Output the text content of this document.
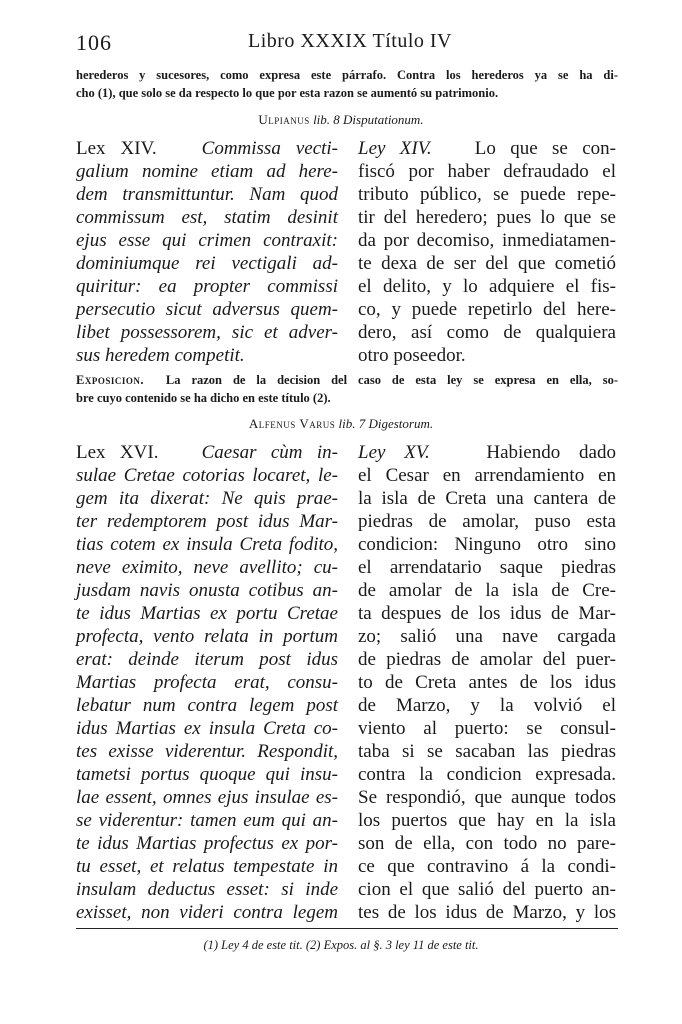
106	Libro XXXIX Título IV
herederos y sucesores, como expresa este párrafo. Contra los herederos ya se ha di-
cho (1), que solo se da respecto lo que por esta razon se aumentó su patrimonio.
Ulpianus lib. 8 Disputationum.
Lex XIV. Commissa vecti-
galium nomine etiam ad here-
dem transmittuntur. Nam quod
commissum est, statim desinit
ejus esse qui crimen contraxit:
dominiumque rei vectigali ad-
quiritur: ea propter commissi
persecutio sicut adversus quem-
libet possessorem, sic et adver-
sus heredem competit.
Ley XIV. Lo que se con-
fiscó por haber defraudado el
tributo público, se puede repe-
tir del heredero; pues lo que se
da por decomiso, inmediatamen-
te dexa de ser del que cometió
el delito, y lo adquiere el fis-
co, y puede repetirlo del here-
dero, así como de qualquiera
otro poseedor.
Exposicion. La razon de la decision del caso de esta ley se expresa en ella, so-
bre cuyo contenido se ha dicho en este título (2).
Alfenus Varus lib. 7 Digestorum.
Lex XVI. Caesar cùm in-
sulae Cretae cotorias locaret, le-
gem ita dixerat: Ne quis prae-
ter redemptorem post idus Mar-
tias cotem ex insula Creta fodito,
neve eximito, neve avellito; cu-
jusdam navis onusta cotibus an-
te idus Martias ex portu Cretae
profecta, vento relata in portum
erat: deinde iterum post idus
Martias profecta erat, consu-
lebatur num contra legem post
idus Martias ex insula Creta co-
tes exisse viderentur. Respondit,
tametsi portus quoque qui insu-
lae essent, omnes ejus insulae es-
se viderentur: tamen eum qui an-
te idus Martias profectus ex por-
tu esset, et relatus tempestate in
insulam deductus esset: si inde
exisset, non videri contra legem
Ley XV.	Habiendo dado
el Cesar en arrendamiento en
la isla de Creta una cantera de
piedras de amolar, puso esta
condicion: Ninguno otro sino
el arrendatario saque piedras
de amolar de la isla de Cre-
ta despues de los idus de Mar-
zo; salió una nave cargada
de piedras de amolar del puer-
to de Creta antes de los idus
de Marzo, y la volvió el
viento al puerto: se consul-
taba si se sacaban las piedras
contra la condicion expresada.
Se respondió, que aunque todos
los puertos que hay en la isla
son de ella, con todo no pare-
ce que contravino á la condi-
cion el que salió del puerto an-
tes de los idus de Marzo, y los
(1) Ley 4 de este tit. (2) Expos. al §. 3 ley 11 de este tit.
